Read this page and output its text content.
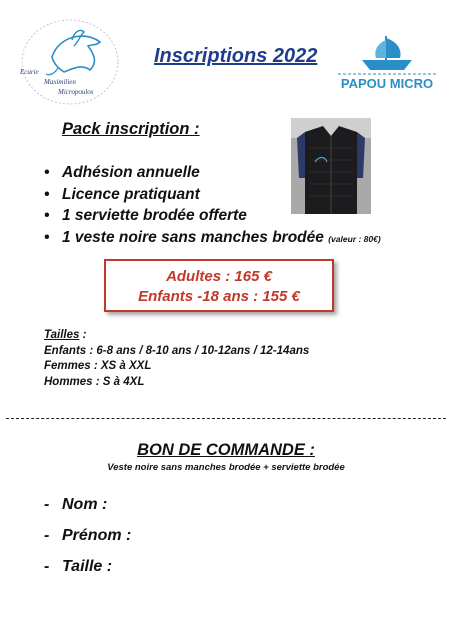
Ecurie
Maximilien
Micropoulos
Inscriptions 2022
PAPOU MICRO
Pack inscription :
• Adhésion annuelle
• Licence pratiquant
• 1 serviette brodée offerte
• 1 veste noire sans manches brodée (valeur : 80€)
Adultes : 165 €
Enfants -18 ans : 155 €
Tailles :
Enfants : 6-8 ans / 8-10 ans / 10-12ans / 12-14ans
Femmes : XS à XXL
Hommes : S à 4XL
BON DE COMMANDE :
Veste noire sans manches brodée + serviette brodée
- Nom :
- Prénom :
- Taille :
